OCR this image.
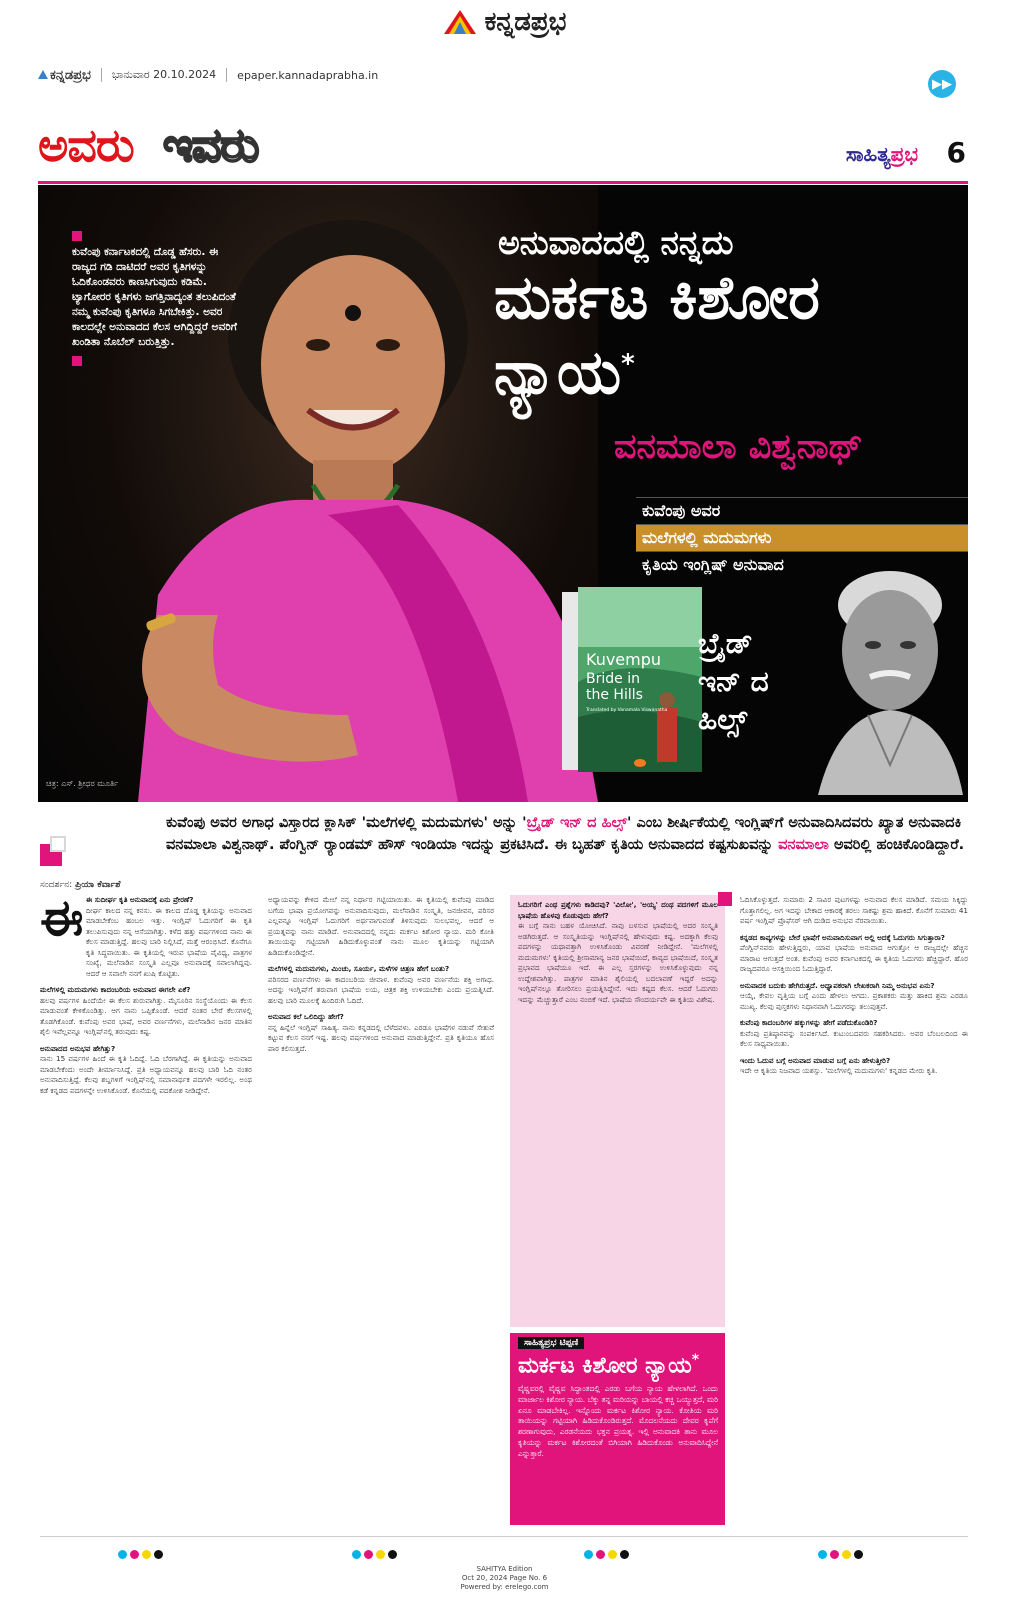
ಕನ್ನಡಪ್ರಭ
ಕನ್ನಡಪ್ರಭ ಭಾನುವಾರ 20.10.2024 epaper.kannadaprabha.in
▶▶
ಅವರು ಇವರು	ಸಾಹಿತ್ಯಪ್ರಭ 6
ಕುವೆಂಪು ಕರ್ನಾಟಕದಲ್ಲಿ ದೊಡ್ಡ ಹೆಸರು. ಈ ರಾಜ್ಯದ ಗಡಿ ದಾಟಿದರೆ ಅವರ ಕೃತಿಗಳನ್ನು ಓದಿಕೊಂಡವರು ಕಾಣಸಿಗುವುದು ಕಡಿಮೆ. ಟ್ಯಾಗೋರರ ಕೃತಿಗಳು ಜಗತ್ತಿನಾದ್ಯಂತ ತಲುಪಿದಂತೆ ನಮ್ಮ ಕುವೆಂಪು ಕೃತಿಗಳೂ ಸಿಗಬೇಕಿತ್ತು. ಅವರ ಕಾಲದಲ್ಲೇ ಅನುವಾದದ ಕೆಲಸ ಆಗಿದ್ದಿದ್ದರೆ ಅವರಿಗೆ ಖಂಡಿತಾ ನೊಬೆಲ್ ಬರುತ್ತಿತ್ತು.
ಚಿತ್ರ: ಎಸ್. ಶ್ರೀಧರ ಮೂರ್ತಿ
ಅನುವಾದದಲ್ಲಿ ನನ್ನದು
ಮರ್ಕಟ ಕಿಶೋರ ನ್ಯಾಯ*
ವನಮಾಲಾ ವಿಶ್ವನಾಥ್
ಕುವೆಂಪು ಅವರ
ಮಲೆಗಳಲ್ಲಿ ಮದುಮಗಳು
ಕೃತಿಯ ಇಂಗ್ಲಿಷ್ ಅನುವಾದ
Kuvempu
Bride in
the Hills
Translated by Vanamala Viswanatha
ಬ್ರೈಡ್
ಇನ್ ದ
ಹಿಲ್ಸ್
ಕುವೆಂಪು ಅವರ ಅಗಾಧ ವಿಸ್ತಾರದ ಕ್ಲಾಸಿಕ್ 'ಮಲೆಗಳಲ್ಲಿ ಮದುಮಗಳು' ಅನ್ನು 'ಬ್ರೈಡ್ ಇನ್ ದ ಹಿಲ್ಸ್' ಎಂಬ ಶೀರ್ಷಿಕೆಯಲ್ಲಿ ಇಂಗ್ಲಿಷ್‌ಗೆ ಅನುವಾದಿಸಿದವರು ಖ್ಯಾತ ಅನುವಾದಕಿ ವನಮಾಲಾ ವಿಶ್ವನಾಥ್. ಪೆಂಗ್ವಿನ್ ರ‍್ಯಾಂಡಮ್ ಹೌಸ್ ಇಂಡಿಯಾ ಇದನ್ನು ಪ್ರಕಟಿಸಿದೆ. ಈ ಬೃಹತ್ ಕೃತಿಯ ಅನುವಾದದ ಕಷ್ಟಸುಖವನ್ನು ವನಮಾಲಾ ಅವರಿಲ್ಲಿ ಹಂಚಿಕೊಂಡಿದ್ದಾರೆ.
ಸಂದರ್ಶನ: ಪ್ರಿಯಾ ಕೆರ್ವಾಶೆ
ಈ ಈ ಸುದೀರ್ಘ ಕೃತಿ ಅನುವಾದಕ್ಕೆ ಏನು ಪ್ರೇರಣೆ?
ದೀರ್ಘ ಕಾಲದ ನನ್ನ ಕನಸು. ಈ ಕಾಲದ ದೊಡ್ಡ ಕೃತಿಯನ್ನು ಅನುವಾದ ಮಾಡಬೇಕೆಂಬ ಹಂಬಲ ಇತ್ತು. ಇಂಗ್ಲಿಷ್ ಓದುಗರಿಗೆ ಈ ಕೃತಿ ತಲುಪಿಸುವುದು ನನ್ನ ಆಸೆಯಾಗಿತ್ತು. ಕಳೆದ ಹತ್ತು ವರ್ಷಗಳಿಂದ ನಾನು ಈ ಕೆಲಸ ಮಾಡುತ್ತಿದ್ದೆ. ಹಲವು ಬಾರಿ ನಿಲ್ಲಿಸಿದೆ, ಮತ್ತೆ ಆರಂಭಿಸಿದೆ. ಕೊನೆಗೂ ಕೃತಿ ಸಿದ್ಧವಾಯಿತು. ಈ ಕೃತಿಯಲ್ಲಿ ಇರುವ ಭಾಷೆಯ ವೈವಿಧ್ಯ, ಪಾತ್ರಗಳ ಸಂಖ್ಯೆ, ಮಲೆನಾಡಿನ ಸಂಸ್ಕೃತಿ ಎಲ್ಲವೂ ಅನುವಾದಕ್ಕೆ ಸವಾಲಾಗಿದ್ದವು. ಆದರೆ ಆ ಸವಾಲೇ ನನಗೆ ಖುಷಿ ಕೊಟ್ಟಿತು.
ಮಲೆಗಳಲ್ಲಿ ಮದುಮಗಳು ಕಾದಂಬರಿಯ ಅನುವಾದ ಈಗಲೇ ಏಕೆ?
ಹಲವು ವರ್ಷಗಳ ಹಿಂದೆಯೇ ಈ ಕೆಲಸ ಶುರುವಾಗಿತ್ತು. ಮೈಸೂರಿನ ಸಂಸ್ಥೆಯೊಂದು ಈ ಕೆಲಸ ಮಾಡುವಂತೆ ಕೇಳಿಕೊಂಡಿತ್ತು. ಆಗ ನಾನು ಒಪ್ಪಿಕೊಂಡೆ. ಆದರೆ ನಂತರ ಬೇರೆ ಕೆಲಸಗಳಲ್ಲಿ ತೊಡಗಿಕೊಂಡೆ. ಕುವೆಂಪು ಅವರ ಭಾಷೆ, ಅವರ ವರ್ಣನೆಗಳು, ಮಲೆನಾಡಿನ ಜನರ ಮಾತಿನ ಶೈಲಿ ಇವೆಲ್ಲವನ್ನೂ ಇಂಗ್ಲಿಷ್‌ನಲ್ಲಿ ತರುವುದು ಕಷ್ಟ.
ಅನುವಾದದ ಅನುಭವ ಹೇಗಿತ್ತು?
ನಾನು 15 ವರ್ಷಗಳ ಹಿಂದೆ ಈ ಕೃತಿ ಓದಿದ್ದೆ. ಓದಿ ಬೆರಗಾಗಿದ್ದೆ. ಈ ಕೃತಿಯನ್ನು ಅನುವಾದ ಮಾಡಬೇಕೆಂದು ಅಂದೇ ತೀರ್ಮಾನಿಸಿದ್ದೆ. ಪ್ರತಿ ಅಧ್ಯಾಯವನ್ನೂ ಹಲವು ಬಾರಿ ಓದಿ ನಂತರ ಅನುವಾದಿಸುತ್ತಿದ್ದೆ. ಕೆಲವು ಶಬ್ದಗಳಿಗೆ ಇಂಗ್ಲಿಷ್‌ನಲ್ಲಿ ಸಮಾನಾರ್ಥಕ ಪದಗಳೇ ಇರಲಿಲ್ಲ. ಅಂಥ ಕಡೆ ಕನ್ನಡದ ಪದಗಳನ್ನೇ ಉಳಿಸಿಕೊಂಡೆ. ಕೊನೆಯಲ್ಲಿ ಪದಕೋಶ ನೀಡಿದ್ದೇನೆ.
ಅಧ್ಯಾಯವನ್ನು ಕೇಳಿದ ಮೇಲೆ ನನ್ನ ನಿರ್ಧಾರ ಗಟ್ಟಿಯಾಯಿತು. ಈ ಕೃತಿಯಲ್ಲಿ ಕುವೆಂಪು ಮಾಡಿದ ಬಗೆಯ ಭಾಷಾ ಪ್ರಯೋಗವನ್ನು ಅನುವಾದಿಸುವುದು, ಮಲೆನಾಡಿನ ಸಂಸ್ಕೃತಿ, ಜನಜೀವನ, ಪರಿಸರ ಎಲ್ಲವನ್ನೂ ಇಂಗ್ಲಿಷ್ ಓದುಗರಿಗೆ ಅರ್ಥವಾಗುವಂತೆ ತಿಳಿಸುವುದು ಸುಲಭವಲ್ಲ. ಆದರೆ ಆ ಪ್ರಯತ್ನವನ್ನು ನಾನು ಮಾಡಿದೆ. ಅನುವಾದದಲ್ಲಿ ನನ್ನದು ಮರ್ಕಟ ಕಿಶೋರ ನ್ಯಾಯ. ಮರಿ ಕೋತಿ ತಾಯಿಯನ್ನು ಗಟ್ಟಿಯಾಗಿ ಹಿಡಿದುಕೊಳ್ಳುವಂತೆ ನಾನು ಮೂಲ ಕೃತಿಯನ್ನು ಗಟ್ಟಿಯಾಗಿ ಹಿಡಿದುಕೊಂಡಿದ್ದೇನೆ.
ಮಲೆಗಳಲ್ಲಿ ಮದುಮಗಳು, ಮಿಂಚು, ಸೂರ್ಯ, ಮಳೆಗಳ ಚಿತ್ರಣ ಹೇಗೆ ಬಂತು?
ಪರಿಸರದ ವರ್ಣನೆಗಳು ಈ ಕಾದಂಬರಿಯ ಜೀವಾಳ. ಕುವೆಂಪು ಅವರ ವರ್ಣನೆಯ ಶಕ್ತಿ ಅಗಾಧ. ಅದನ್ನು ಇಂಗ್ಲಿಷ್‌ಗೆ ತರುವಾಗ ಭಾಷೆಯ ಲಯ, ಚಿತ್ರಕ ಶಕ್ತಿ ಉಳಿಯಬೇಕು ಎಂದು ಪ್ರಯತ್ನಿಸಿದೆ. ಹಲವು ಬಾರಿ ಮೂಲಕ್ಕೆ ಹಿಂದಿರುಗಿ ಓದಿದೆ.
ಅನುವಾದ ಕಲೆ ಒಲಿದಿದ್ದು ಹೇಗೆ?
ನನ್ನ ಹಿನ್ನೆಲೆ ಇಂಗ್ಲಿಷ್ ಸಾಹಿತ್ಯ. ನಾನು ಕನ್ನಡದಲ್ಲಿ ಬೆಳೆದವಳು. ಎರಡೂ ಭಾಷೆಗಳ ನಡುವೆ ಸೇತುವೆ ಕಟ್ಟುವ ಕೆಲಸ ನನಗೆ ಇಷ್ಟ. ಹಲವು ವರ್ಷಗಳಿಂದ ಅನುವಾದ ಮಾಡುತ್ತಿದ್ದೇನೆ. ಪ್ರತಿ ಕೃತಿಯೂ ಹೊಸ ಪಾಠ ಕಲಿಸುತ್ತದೆ.
ಓದುಗರಿಗೆ ಎಂಥ ಪ್ರಶ್ನೆಗಳು ಕಾಡಿದವು? 'ವಿಲೋ', 'ಅಯ್ಯ' ದಂಥ ಪದಗಳಿಗೆ ಮೂಲ ಭಾಷೆಯ ಹೊಳವು ಕೊಡುವುದು ಹೇಗೆ?
ಈ ಬಗ್ಗೆ ನಾನು ಬಹಳ ಯೋಚಿಸಿದೆ. ನಾವು ಬಳಸುವ ಭಾಷೆಯಲ್ಲಿ ಅದರ ಸಂಸ್ಕೃತಿ ಅಡಗಿರುತ್ತದೆ. ಆ ಸಂಸ್ಕೃತಿಯನ್ನು ಇಂಗ್ಲಿಷ್‌ನಲ್ಲಿ ಹೇಳುವುದು ಕಷ್ಟ. ಅದಕ್ಕಾಗಿ ಕೆಲವು ಪದಗಳನ್ನು ಯಥಾವತ್ತಾಗಿ ಉಳಿಸಿಕೊಂಡು ವಿವರಣೆ ನೀಡಿದ್ದೇನೆ. 'ಮಲೆಗಳಲ್ಲಿ ಮದುಮಗಳು' ಕೃತಿಯಲ್ಲಿ ಶ್ರೀಸಾಮಾನ್ಯ ಜನರ ಭಾಷೆಯಿದೆ, ಕಾವ್ಯದ ಭಾಷೆಯಿದೆ, ಸಂಸ್ಕೃತ ಪ್ರಭಾವದ ಭಾಷೆಯೂ ಇದೆ. ಈ ಎಲ್ಲ ಸ್ತರಗಳನ್ನು ಉಳಿಸಿಕೊಳ್ಳುವುದು ನನ್ನ ಉದ್ದೇಶವಾಗಿತ್ತು. ಪಾತ್ರಗಳ ಮಾತಿನ ಶೈಲಿಯಲ್ಲಿ ಬದಲಾವಣೆ ಇದ್ದರೆ ಅದನ್ನು ಇಂಗ್ಲಿಷ್‌ನಲ್ಲೂ ತೋರಿಸಲು ಪ್ರಯತ್ನಿಸಿದ್ದೇನೆ. ಇದು ಕಷ್ಟದ ಕೆಲಸ. ಆದರೆ ಓದುಗರು ಇದನ್ನು ಮೆಚ್ಚುತ್ತಾರೆ ಎಂಬ ನಂಬಿಕೆ ಇದೆ. ಭಾಷೆಯ ಸೌಂದರ್ಯವೇ ಈ ಕೃತಿಯ ವಿಶೇಷ.
ಓದಿಸಿಕೊಳ್ಳುತ್ತದೆ. ಸುಮಾರು 2 ಸಾವಿರ ಪುಟಗಳಷ್ಟು ಅನುವಾದ ಕೆಲಸ ಮಾಡಿದೆ. ಸಮಯ ಸಿಕ್ಕಿದ್ದು ಗೊತ್ತಾಗಲಿಲ್ಲ. ಅಗ ಇದನ್ನು ಬೇಕಾದ ಆಕಾರಕ್ಕೆ ತರಲು ಸಾಕಷ್ಟು ಶ್ರಮ ಹಾಕಿದೆ. ಕೊನೆಗೆ ಸುಮಾರು 41 ವರ್ಷ ಇಂಗ್ಲಿಷ್ ಪ್ರೊಫೆಸರ್ ಆಗಿ ದುಡಿದ ಅನುಭವ ನೆರವಾಯಿತು.
ಕನ್ನಡದ ಕಾವ್ಯಗಳನ್ನು ಬೇರೆ ಭಾಷೆಗೆ ಅನುವಾದಿಸುವಾಗ ಅಲ್ಲಿ ಅದಕ್ಕೆ ಓದುಗರು ಸಿಗುತ್ತಾರಾ?
ಪೆಂಗ್ವಿನ್‌ನವರು ಹೇಳುತ್ತಿದ್ದರು, ಯಾವ ಭಾಷೆಯ ಅನುವಾದ ಆಗುತ್ತೋ ಆ ರಾಜ್ಯದಲ್ಲೇ ಹೆಚ್ಚಿನ ಮಾರಾಟ ಆಗುತ್ತದೆ ಅಂತ. ಕುವೆಂಪು ಅವರ ಕರ್ನಾಟಕದಲ್ಲಿ ಈ ಕೃತಿಯ ಓದುಗರು ಹೆಚ್ಚಿದ್ದಾರೆ. ಹೊರ ರಾಜ್ಯದವರೂ ಆಸಕ್ತಿಯಿಂದ ಓದುತ್ತಿದ್ದಾರೆ.
ಅನುವಾದಕ ಬದುಕು ಹೇಗಿರುತ್ತದೆ. ಅಧ್ಯಾಪಕರಾಗಿ ಲೇಖಕರಾಗಿ ನಿಮ್ಮ ಅನುಭವ ಏನು?
ಆಯ್ಕೆ, ಕೇವಲ ವೃತ್ತಿಯ ಬಗ್ಗೆ ಎಂದು ಹೇಳಲು ಆಗದು. ಪ್ರಕಾಶಕರು ಮತ್ತು ಹಾಕಿದ ಶ್ರಮ ಎರಡೂ ಮುಖ್ಯ. ಕೆಲವು ಪುಸ್ತಕಗಳು ನಿಧಾನವಾಗಿ ಓದುಗರನ್ನು ತಲುಪುತ್ತವೆ.
ಕುವೆಂಪು ಕಾದಂಬರಿಗಳ ಹಕ್ಕುಗಳನ್ನು ಹೇಗೆ ಪಡೆದುಕೊಂಡಿರಿ?
ಕುವೆಂಪು ಪ್ರತಿಷ್ಠಾನವನ್ನು ಸಂಪರ್ಕಿಸಿದೆ. ಕುಟುಂಬದವರು ಸಹಕರಿಸಿದರು. ಅವರ ಬೆಂಬಲದಿಂದ ಈ ಕೆಲಸ ಸಾಧ್ಯವಾಯಿತು.
ಇಂದು ಓದುವ ಬಗ್ಗೆ ಅನುವಾದ ಮಾಡುವ ಬಗ್ಗೆ ಏನು ಹೇಳುತ್ತೀರಿ?
ಇದೇ ಆ ಕೃತಿಯ ನಿಜವಾದ ಯಶಸ್ಸು. 'ಮಲೆಗಳಲ್ಲಿ ಮದುಮಗಳು' ಕನ್ನಡದ ಮೇರು ಕೃತಿ.
ಸಾಹಿತ್ಯಪ್ರಭ ಟಿಪ್ಪಣಿ
ಮರ್ಕಟ ಕಿಶೋರ ನ್ಯಾಯ*
ವೈಷ್ಣವರಲ್ಲಿ ವೈಷ್ಣವ ಸಿದ್ಧಾಂತದಲ್ಲಿ ಎರಡು ಬಗೆಯ ನ್ಯಾಯ ಹೇಳಲಾಗಿದೆ. ಒಂದು ಮಾರ್ಜಾಲ ಕಿಶೋರ ನ್ಯಾಯ. ಬೆಕ್ಕು ತನ್ನ ಮರಿಯನ್ನು ಬಾಯಲ್ಲಿ ಕಚ್ಚಿ ಒಯ್ಯುತ್ತದೆ, ಮರಿ ಏನೂ ಮಾಡಬೇಕಿಲ್ಲ. ಇನ್ನೊಂದು ಮರ್ಕಟ ಕಿಶೋರ ನ್ಯಾಯ. ಕೋತಿಯ ಮರಿ ತಾಯಿಯನ್ನು ಗಟ್ಟಿಯಾಗಿ ಹಿಡಿದುಕೊಂಡಿರುತ್ತದೆ. ಮೊದಲನೆಯದು ದೇವರ ಕೃಪೆಗೆ ಶರಣಾಗುವುದು, ಎರಡನೆಯದು ಭಕ್ತನ ಪ್ರಯತ್ನ. ಇಲ್ಲಿ ಅನುವಾದಕಿ ತಾನು ಮೂಲ ಕೃತಿಯನ್ನು ಮರ್ಕಟ ಕಿಶೋರದಂತೆ ಬಿಗಿಯಾಗಿ ಹಿಡಿದುಕೊಂಡು ಅನುವಾದಿಸಿದ್ದೇನೆ ಎನ್ನುತ್ತಾರೆ.
SAHITYA Edition
Oct 20, 2024 Page No. 6
Powered by: erelego.com
